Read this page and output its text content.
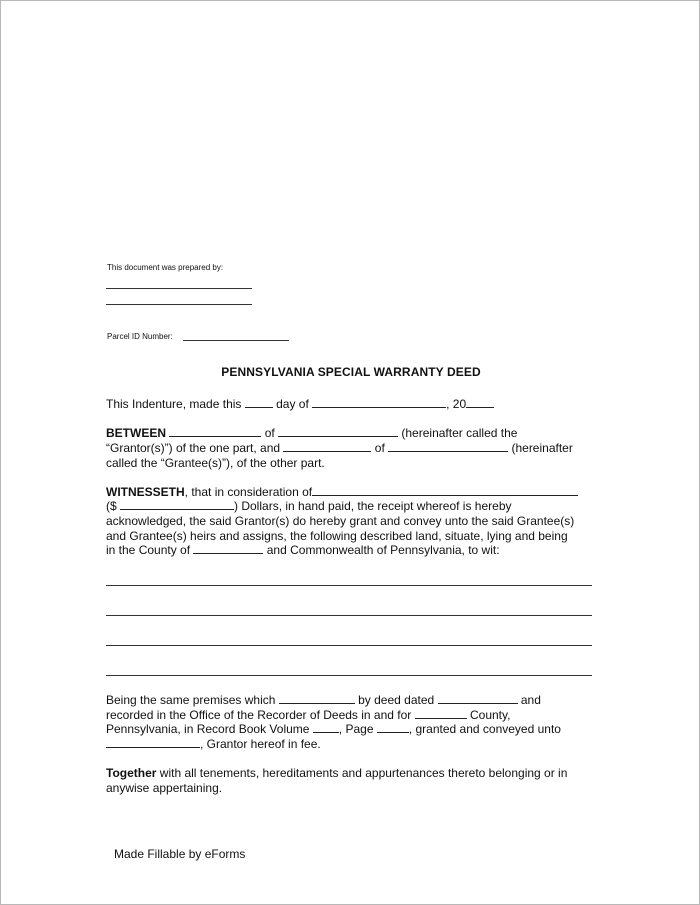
This document was prepared by:
Parcel ID Number:
PENNSYLVANIA SPECIAL WARRANTY DEED
This Indenture, made this	day of	, 20
BETWEEN	of	(hereinafter called the
“Grantor(s)”) of the one part, and	of	(hereinafter
called the “Grantee(s)”), of the other part.
WITNESSETH, that in consideration of
($	) Dollars, in hand paid, the receipt whereof is hereby
acknowledged, the said Grantor(s) do hereby grant and convey unto the said Grantee(s)
and Grantee(s) heirs and assigns, the following described land, situate, lying and being
in the County of	and Commonwealth of Pennsylvania, to wit:
Being the same premises which	by deed dated	and
recorded in the Office of the Recorder of Deeds in and for	County,
Pennsylvania, in Record Book Volume , Page	, granted and conveyed unto
, Grantor hereof in fee.
Together with all tenements, hereditaments and appurtenances thereto belonging or in
anywise appertaining.
Made Fillable by eForms
